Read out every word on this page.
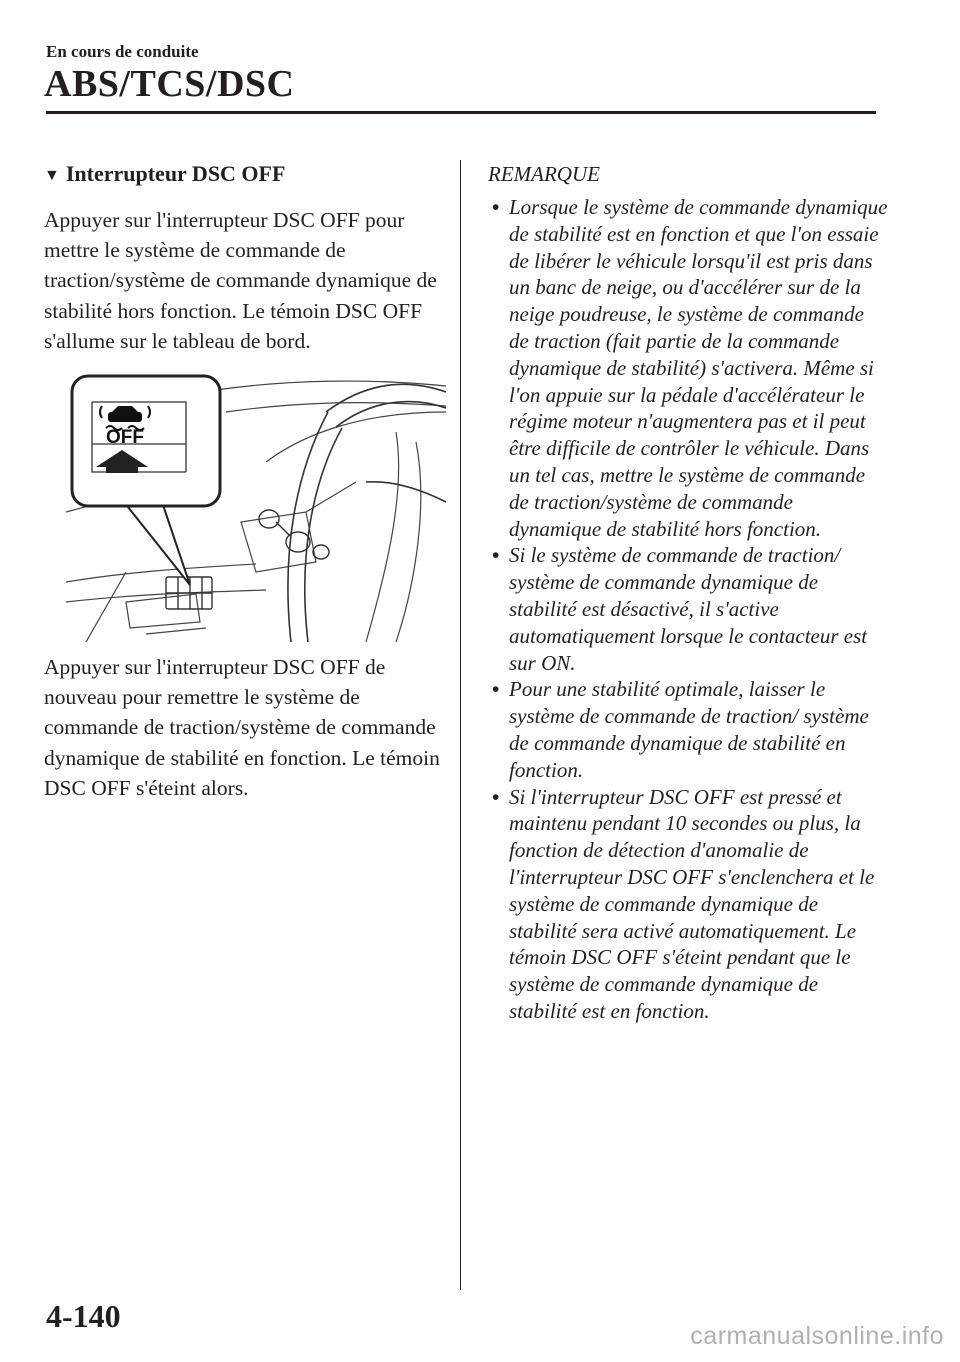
En cours de conduite
ABS/TCS/DSC
▼ Interrupteur DSC OFF

Appuyer sur l'interrupteur DSC OFF pour mettre le système de commande de traction/système de commande dynamique de stabilité hors fonction. Le témoin DSC OFF s'allume sur le tableau de bord.

OFF

Appuyer sur l'interrupteur DSC OFF de nouveau pour remettre le système de commande de traction/système de commande dynamique de stabilité en fonction. Le témoin DSC OFF s'éteint alors.

REMARQUE
• Lorsque le système de commande dynamique de stabilité est en fonction et que l'on essaie de libérer le véhicule lorsqu'il est pris dans un banc de neige, ou d'accélérer sur de la neige poudreuse, le système de commande de traction (fait partie de la commande dynamique de stabilité) s'activera. Même si l'on appuie sur la pédale d'accélérateur le régime moteur n'augmentera pas et il peut être difficile de contrôler le véhicule. Dans un tel cas, mettre le système de commande de traction/système de commande dynamique de stabilité hors fonction.
• Si le système de commande de traction/ système de commande dynamique de stabilité est désactivé, il s'active automatiquement lorsque le contacteur est sur ON.
• Pour une stabilité optimale, laisser le système de commande de traction/ système de commande dynamique de stabilité en fonction.
• Si l'interrupteur DSC OFF est pressé et maintenu pendant 10 secondes ou plus, la fonction de détection d'anomalie de l'interrupteur DSC OFF s'enclenchera et le système de commande dynamique de stabilité sera activé automatiquement. Le témoin DSC OFF s'éteint pendant que le système de commande dynamique de stabilité est en fonction.
4-140
carmanualsonline.info
